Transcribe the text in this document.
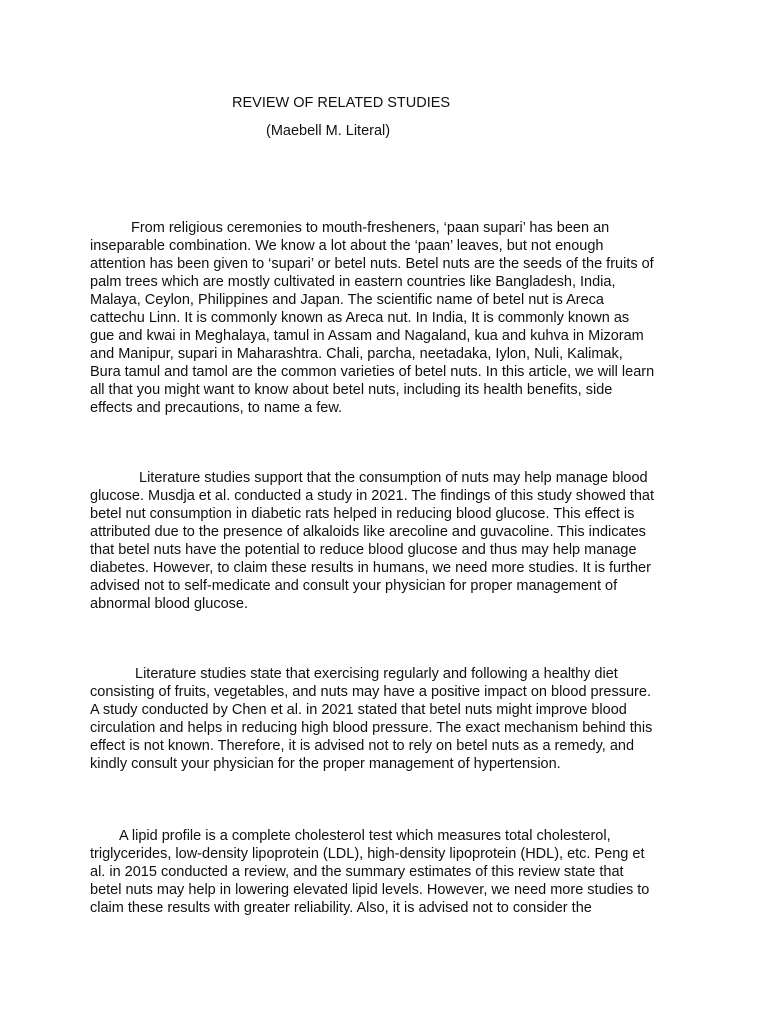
REVIEW OF RELATED STUDIES
(Maebell M. Literal)
From religious ceremonies to mouth-fresheners, ‘paan supari’ has been an
inseparable combination. We know a lot about the ‘paan’ leaves, but not enough
attention has been given to ‘supari’ or betel nuts. Betel nuts are the seeds of the fruits of
palm trees which are mostly cultivated in eastern countries like Bangladesh, India,
Malaya, Ceylon, Philippines and Japan. The scientific name of betel nut is Areca
cattechu Linn. It is commonly known as Areca nut. In India, It is commonly known as
gue and kwai in Meghalaya, tamul in Assam and Nagaland, kua and kuhva in Mizoram
and Manipur, supari in Maharashtra. Chali, parcha, neetadaka, Iylon, Nuli, Kalimak,
Bura tamul and tamol are the common varieties of betel nuts. In this article, we will learn
all that you might want to know about betel nuts, including its health benefits, side
effects and precautions, to name a few.
Literature studies support that the consumption of nuts may help manage blood
glucose. Musdja et al. conducted a study in 2021. The findings of this study showed that
betel nut consumption in diabetic rats helped in reducing blood glucose. This effect is
attributed due to the presence of alkaloids like arecoline and guvacoline. This indicates
that betel nuts have the potential to reduce blood glucose and thus may help manage
diabetes. However, to claim these results in humans, we need more studies. It is further
advised not to self-medicate and consult your physician for proper management of
abnormal blood glucose.
Literature studies state that exercising regularly and following a healthy diet
consisting of fruits, vegetables, and nuts may have a positive impact on blood pressure.
A study conducted by Chen et al. in 2021 stated that betel nuts might improve blood
circulation and helps in reducing high blood pressure. The exact mechanism behind this
effect is not known. Therefore, it is advised not to rely on betel nuts as a remedy, and
kindly consult your physician for the proper management of hypertension.
A lipid profile is a complete cholesterol test which measures total cholesterol,
triglycerides, low-density lipoprotein (LDL), high-density lipoprotein (HDL), etc. Peng et
al. in 2015 conducted a review, and the summary estimates of this review state that
betel nuts may help in lowering elevated lipid levels. However, we need more studies to
claim these results with greater reliability. Also, it is advised not to consider the
